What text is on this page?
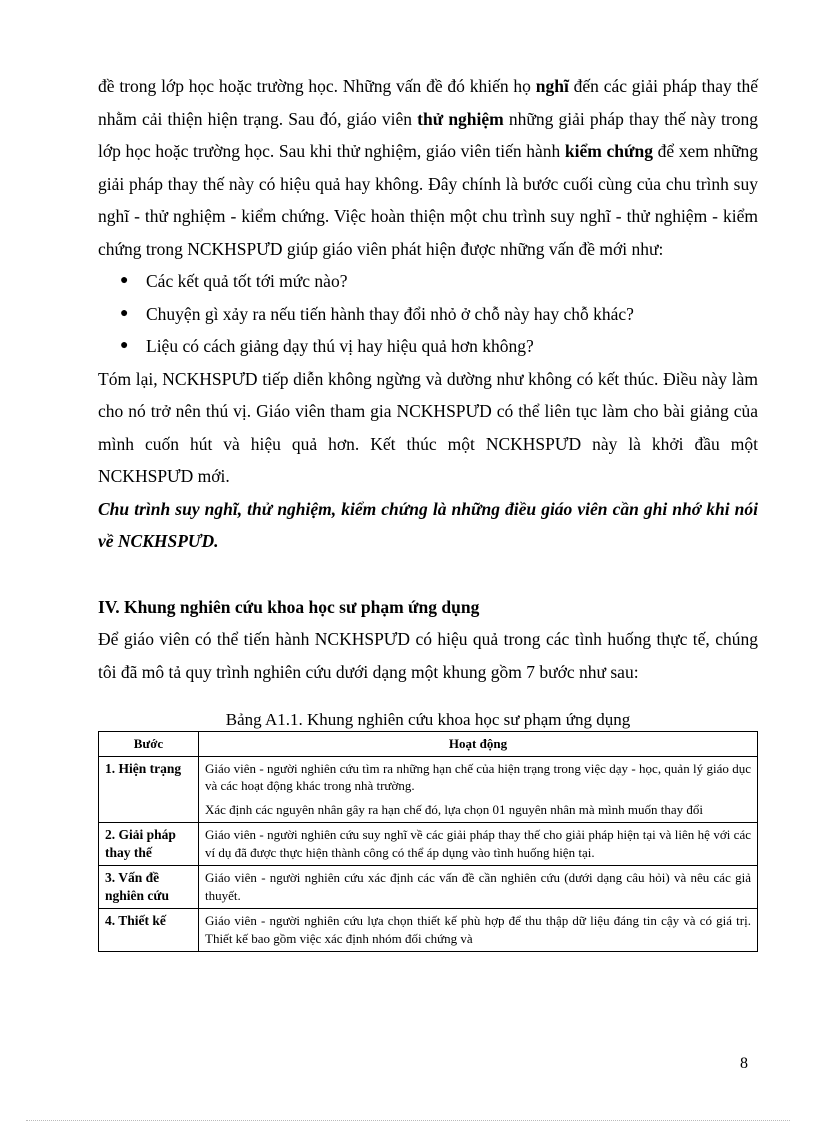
đề trong lớp học hoặc trường học. Những vấn đề đó khiến họ nghĩ đến các giải pháp thay thế nhằm cải thiện hiện trạng. Sau đó, giáo viên thử nghiệm những giải pháp thay thế này trong lớp học hoặc trường học. Sau khi thử nghiệm, giáo viên tiến hành kiểm chứng để xem những giải pháp thay thế này có hiệu quả hay không. Đây chính là bước cuối cùng của chu trình suy nghĩ - thử nghiệm - kiểm chứng. Việc hoàn thiện một chu trình suy nghĩ - thử nghiệm - kiểm chứng trong NCKHSPƯD giúp giáo viên phát hiện được những vấn đề mới như:

● Các kết quả tốt tới mức nào?
● Chuyện gì xảy ra nếu tiến hành thay đổi nhỏ ở chỗ này hay chỗ khác?
● Liệu có cách giảng dạy thú vị hay hiệu quả hơn không?

Tóm lại, NCKHSPƯD tiếp diễn không ngừng và dường như không có kết thúc. Điều này làm cho nó trở nên thú vị. Giáo viên tham gia NCKHSPƯD có thể liên tục làm cho bài giảng của mình cuốn hút và hiệu quả hơn. Kết thúc một NCKHSPƯD này là khởi đầu một NCKHSPƯD mới.

Chu trình suy nghĩ, thử nghiệm, kiểm chứng là những điều giáo viên cần ghi nhớ khi nói về NCKHSPƯD.

IV. Khung nghiên cứu khoa học sư phạm ứng dụng

Để giáo viên có thể tiến hành NCKHSPƯD có hiệu quả trong các tình huống thực tế, chúng tôi đã mô tả quy trình nghiên cứu dưới dạng một khung gồm 7 bước như sau:

Bảng A1.1. Khung nghiên cứu khoa học sư phạm ứng dụng
Bước	Hoạt động
1. Hiện trạng	Giáo viên - người nghiên cứu tìm ra những hạn chế của hiện trạng trong việc dạy - học, quản lý giáo dục và các hoạt động khác trong nhà trường.

Xác định các nguyên nhân gây ra hạn chế đó, lựa chọn 01 nguyên nhân mà mình muốn thay đổi

2. Giải pháp thay thế	Giáo viên - người nghiên cứu suy nghĩ về các giải pháp thay thế cho giải pháp hiện tại và liên hệ với các ví dụ đã được thực hiện thành công có thể áp dụng vào tình huống hiện tại.

3. Vấn đề nghiên cứu	Giáo viên - người nghiên cứu xác định các vấn đề cần nghiên cứu (dưới dạng câu hỏi) và nêu các giả thuyết.

4. Thiết kế	Giáo viên - người nghiên cứu lựa chọn thiết kế phù hợp để thu thập dữ liệu đáng tin cậy và có giá trị. Thiết kế bao gồm việc xác định nhóm đối chứng và

8
